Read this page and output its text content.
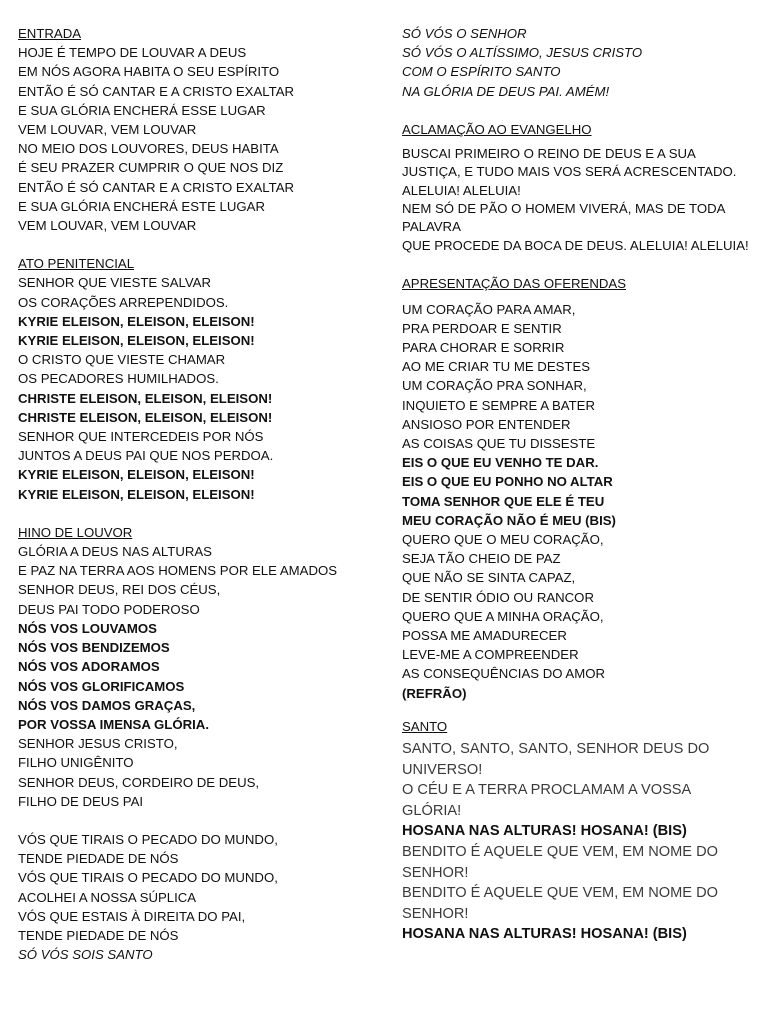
ENTRADA

HOJE É TEMPO DE LOUVAR A DEUS

EM NÓS AGORA HABITA O SEU ESPÍRITO

ENTÃO É SÓ CANTAR E A CRISTO EXALTAR

E SUA GLÓRIA ENCHERÁ ESSE LUGAR

VEM LOUVAR, VEM LOUVAR

NO MEIO DOS LOUVORES, DEUS HABITA

É SEU PRAZER CUMPRIR O QUE NOS DIZ

ENTÃO É SÓ CANTAR E A CRISTO EXALTAR

E SUA GLÓRIA ENCHERÁ ESTE LUGAR

VEM LOUVAR, VEM LOUVAR

ATO PENITENCIAL

SENHOR QUE VIESTE SALVAR

OS CORAÇÕES ARREPENDIDOS.

KYRIE ELEISON, ELEISON, ELEISON!

KYRIE ELEISON, ELEISON, ELEISON!

O CRISTO QUE VIESTE CHAMAR

OS PECADORES HUMILHADOS.

CHRISTE ELEISON, ELEISON, ELEISON!

CHRISTE ELEISON, ELEISON, ELEISON!

SENHOR QUE INTERCEDEIS POR NÓS

JUNTOS A DEUS PAI QUE NOS PERDOA.

KYRIE ELEISON, ELEISON, ELEISON!

KYRIE ELEISON, ELEISON, ELEISON!

HINO DE LOUVOR

GLÓRIA A DEUS NAS ALTURAS

E PAZ NA TERRA AOS HOMENS POR ELE AMADOS

SENHOR DEUS, REI DOS CÉUS,

DEUS PAI TODO PODEROSO

NÓS VOS LOUVAMOS

NÓS VOS BENDIZEMOS

NÓS VOS ADORAMOS

NÓS VOS GLORIFICAMOS

NÓS VOS DAMOS GRAÇAS,

POR VOSSA IMENSA GLÓRIA.

SENHOR JESUS CRISTO,

FILHO UNIGÊNITO

SENHOR DEUS, CORDEIRO DE DEUS,

FILHO DE DEUS PAI

VÓS QUE TIRAIS O PECADO DO MUNDO,

TENDE PIEDADE DE NÓS

VÓS QUE TIRAIS O PECADO DO MUNDO,

ACOLHEI A NOSSA SÚPLICA

VÓS QUE ESTAIS À DIREITA DO PAI,

TENDE PIEDADE DE NÓS

SÓ VÓS SOIS SANTO

SÓ VÓS O SENHOR

SÓ VÓS O ALTÍSSIMO, JESUS CRISTO

COM O ESPÍRITO SANTO

NA GLÓRIA DE DEUS PAI. AMÉM!

ACLAMAÇÃO AO EVANGELHO

BUSCAI PRIMEIRO O REINO DE DEUS E A SUA JUSTIÇA, E TUDO MAIS VOS SERÁ ACRESCENTADO.

ALELUIA! ALELUIA!

NEM SÓ DE PÃO O HOMEM VIVERÁ, MAS DE TODA PALAVRA

QUE PROCEDE DA BOCA DE DEUS. ALELUIA! ALELUIA!

APRESENTAÇÃO DAS OFERENDAS

UM CORAÇÃO PARA AMAR,

PRA PERDOAR E SENTIR

PARA CHORAR E SORRIR

AO ME CRIAR TU ME DESTES

UM CORAÇÃO PRA SONHAR,

INQUIETO E SEMPRE A BATER

ANSIOSO POR ENTENDER

AS COISAS QUE TU DISSESTE

EIS O QUE EU VENHO TE DAR.

EIS O QUE EU PONHO NO ALTAR

TOMA SENHOR QUE ELE É TEU

MEU CORAÇÃO NÃO É MEU (BIS)

QUERO QUE O MEU CORAÇÃO,

SEJA TÃO CHEIO DE PAZ

QUE NÃO SE SINTA CAPAZ,

DE SENTIR ÓDIO OU RANCOR

QUERO QUE A MINHA ORAÇÃO,

POSSA ME AMADURECER

LEVE-ME A COMPREENDER

AS CONSEQUÊNCIAS DO AMOR

(REFRÃO)

SANTO

SANTO, SANTO, SANTO, SENHOR DEUS DO UNIVERSO!

O CÉU E A TERRA PROCLAMAM A VOSSA GLÓRIA!

HOSANA NAS ALTURAS! HOSANA! (BIS)

BENDITO É AQUELE QUE VEM, EM NOME DO SENHOR!

BENDITO É AQUELE QUE VEM, EM NOME DO SENHOR!

HOSANA NAS ALTURAS! HOSANA! (BIS)
